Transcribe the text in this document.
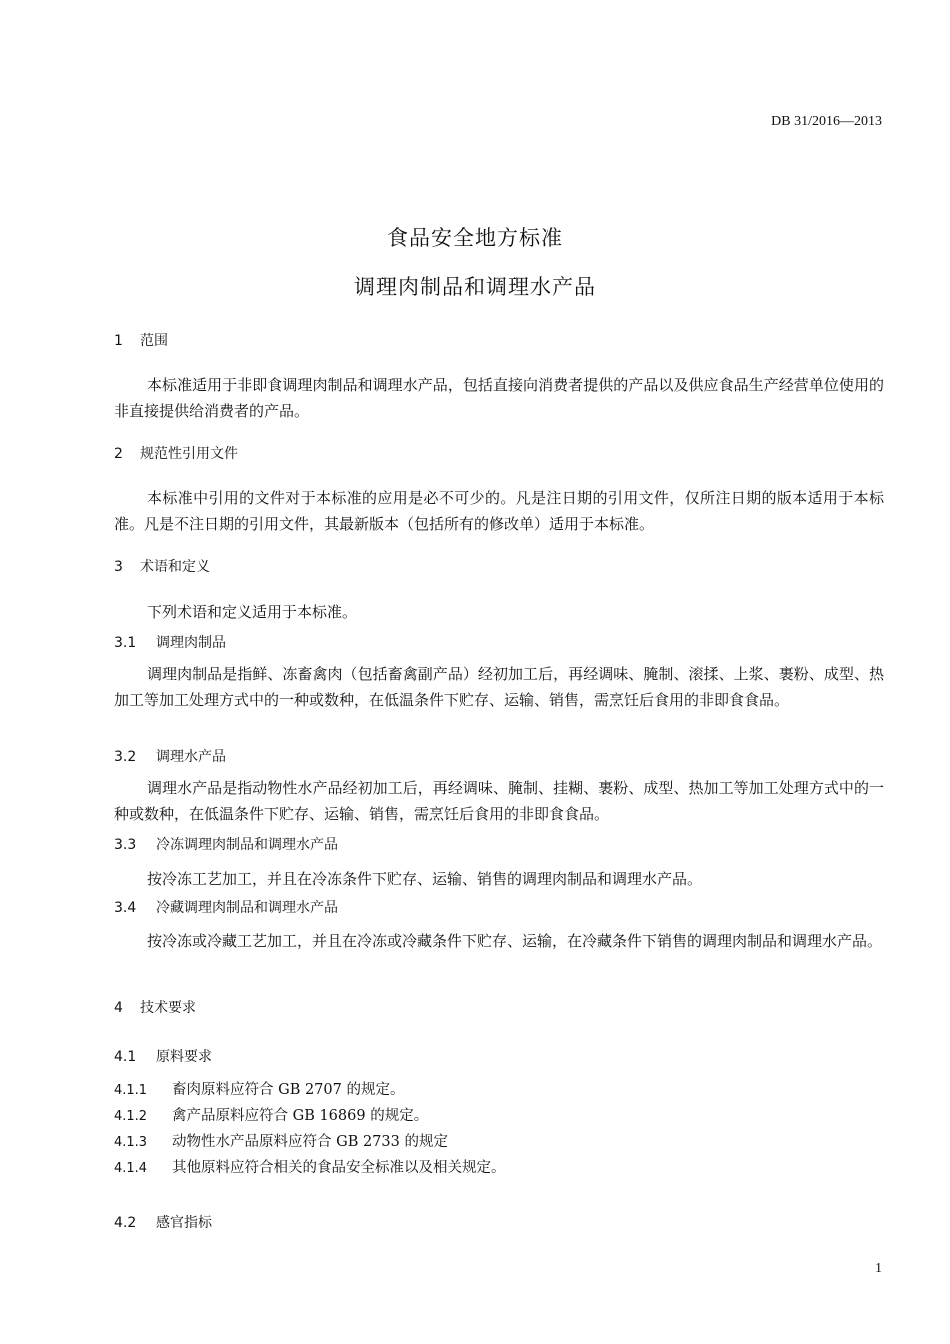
DB 31/2016—2013
食品安全地方标准
调理肉制品和调理水产品
1 范围

本标准适用于非即食调理肉制品和调理水产品，包括直接向消费者提供的产品以及供应食品生产经营单位使用的非直接提供给消费者的产品。

2 规范性引用文件

本标准中引用的文件对于本标准的应用是必不可少的。凡是注日期的引用文件，仅所注日期的版本适用于本标准。凡是不注日期的引用文件，其最新版本（包括所有的修改单）适用于本标准。

3 术语和定义

下列术语和定义适用于本标准。

3.1 调理肉制品

调理肉制品是指鲜、冻畜禽肉（包括畜禽副产品）经初加工后，再经调味、腌制、滚揉、上浆、裹粉、成型、热加工等加工处理方式中的一种或数种，在低温条件下贮存、运输、销售，需烹饪后食用的非即食食品。

3.2 调理水产品

调理水产品是指动物性水产品经初加工后，再经调味、腌制、挂糊、裹粉、成型、热加工等加工处理方式中的一种或数种，在低温条件下贮存、运输、销售，需烹饪后食用的非即食食品。

3.3 冷冻调理肉制品和调理水产品

按冷冻工艺加工，并且在冷冻条件下贮存、运输、销售的调理肉制品和调理水产品。

3.4 冷藏调理肉制品和调理水产品

按冷冻或冷藏工艺加工，并且在冷冻或冷藏条件下贮存、运输，在冷藏条件下销售的调理肉制品和调理水产品。

4 技术要求
4.1 原料要求
4.1.1 畜肉原料应符合 GB 2707 的规定。
4.1.2 禽产品原料应符合 GB 16869 的规定。
4.1.3 动物性水产品原料应符合 GB 2733 的规定
4.1.4 其他原料应符合相关的食品安全标准以及相关规定。
4.2 感官指标
1
